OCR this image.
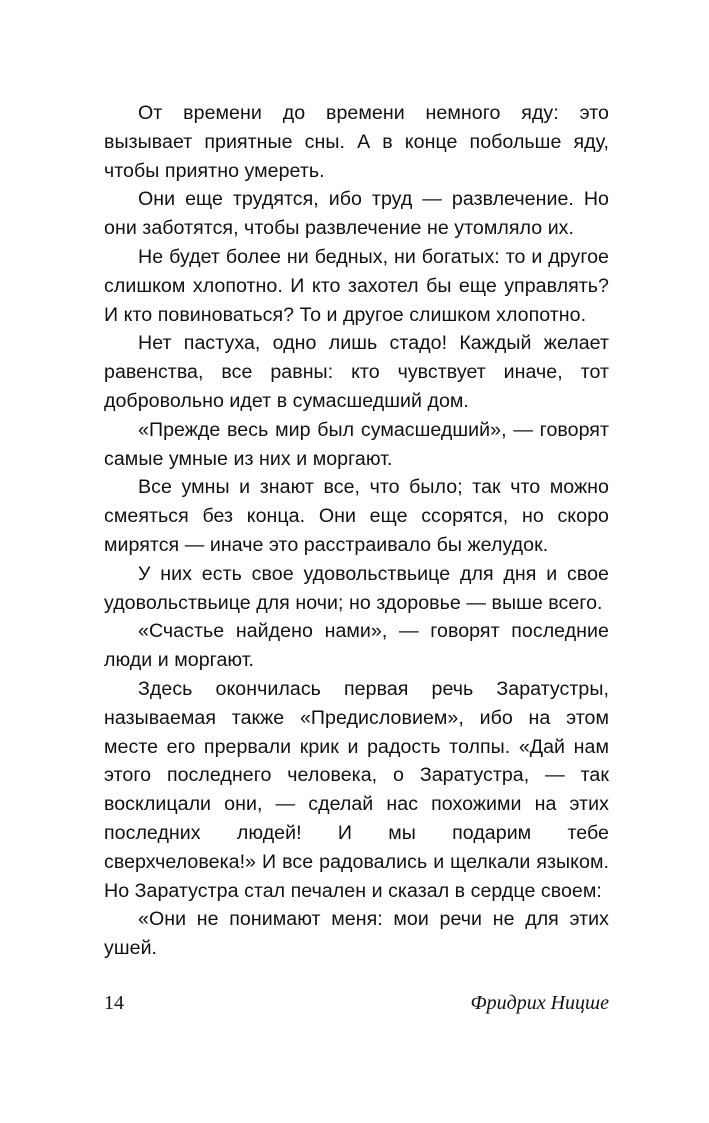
От времени до времени немного яду: это вызывает приятные сны. А в конце побольше яду, чтобы приятно умереть.

Они еще трудятся, ибо труд — развлечение. Но они заботятся, чтобы развлечение не утомляло их.

Не будет более ни бедных, ни богатых: то и другое слишком хлопотно. И кто захотел бы еще управлять? И кто повиноваться? То и другое слишком хлопотно.

Нет пастуха, одно лишь стадо! Каждый желает равенства, все равны: кто чувствует иначе, тот добровольно идет в сумасшедший дом.

«Прежде весь мир был сумасшедший», — говорят самые умные из них и моргают.

Все умны и знают все, что было; так что можно смеяться без конца. Они еще ссорятся, но скоро мирятся — иначе это расстраивало бы желудок.

У них есть свое удовольствьице для дня и свое удовольствьице для ночи; но здоровье — выше всего.

«Счастье найдено нами», — говорят последние люди и моргают.

Здесь окончилась первая речь Заратустры, называемая также «Предисловием», ибо на этом месте его прервали крик и радость толпы. «Дай нам этого последнего человека, о Заратустра, — так восклицали они, — сделай нас похожими на этих последних людей! И мы подарим тебе сверхчеловека!» И все радовались и щелкали языком. Но Заратустра стал печален и сказал в сердце своем:

«Они не понимают меня: мои речи не для этих ушей.

14	Фридрих Ницше
